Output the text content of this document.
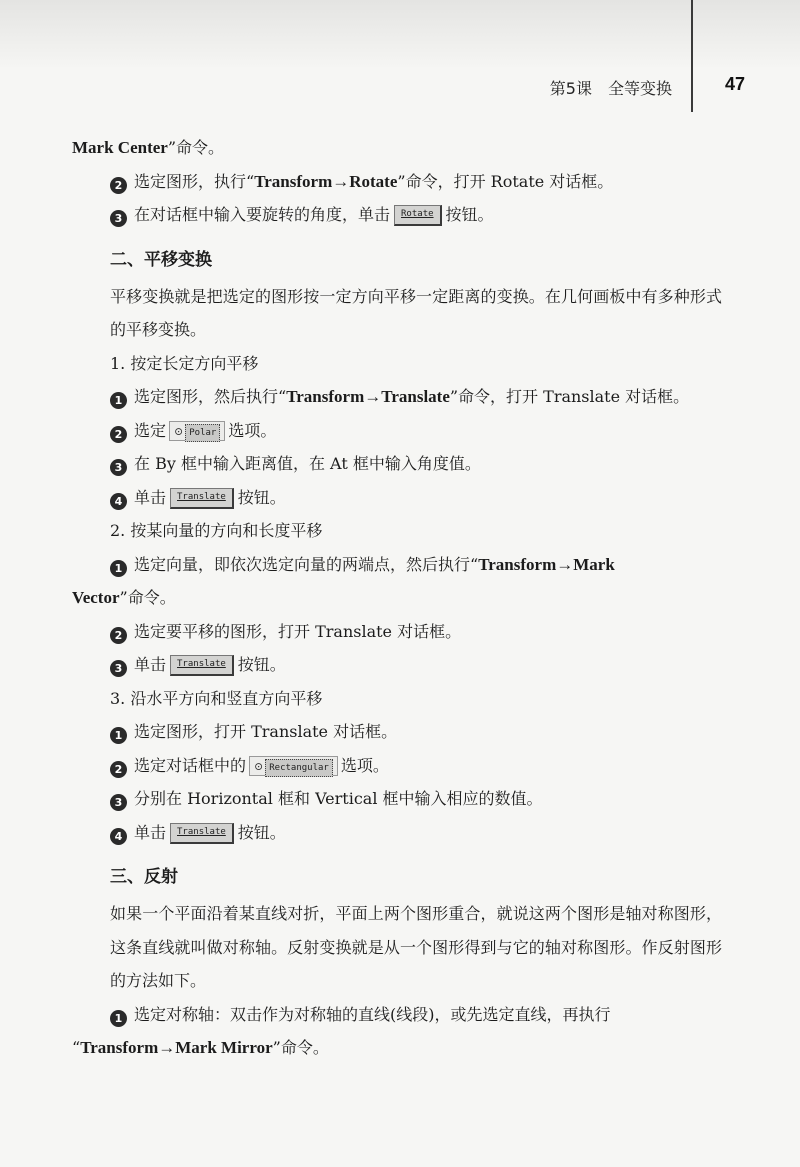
第5课 全等变换	47

Mark Center”命令。

2 选定图形，执行“Transform→Rotate”命令，打开 Rotate 对话框。

3 在对话框中输入要旋转的角度，单击 Rotate 按钮。

二、平移变换

平移变换就是把选定的图形按一定方向平移一定距离的变换。在几何画板中有多种形式的平移变换。

1. 按定长定方向平移

1 选定图形，然后执行“Transform→Translate”命令，打开 Translate 对话框。

2 选定 ⊙ Polar 选项。

3 在 By 框中输入距离值，在 At 框中输入角度值。

4 单击 Translate 按钮。

2. 按某向量的方向和长度平移

1 选定向量，即依次选定向量的两端点，然后执行“Transform→Mark

Vector”命令。

2 选定要平移的图形，打开 Translate 对话框。

3 单击 Translate 按钮。

3. 沿水平方向和竖直方向平移

1 选定图形，打开 Translate 对话框。

2 选定对话框中的 ⊙ Rectangular 选项。

3 分别在 Horizontal 框和 Vertical 框中输入相应的数值。

4 单击 Translate 按钮。

三、反射

如果一个平面沿着某直线对折，平面上两个图形重合，就说这两个图形是轴对称图形，这条直线就叫做对称轴。反射变换就是从一个图形得到与它的轴对称图形。作反射图形的方法如下。

1 选定对称轴：双击作为对称轴的直线(线段)，或先选定直线，再执行

“Transform→Mark Mirror”命令。
